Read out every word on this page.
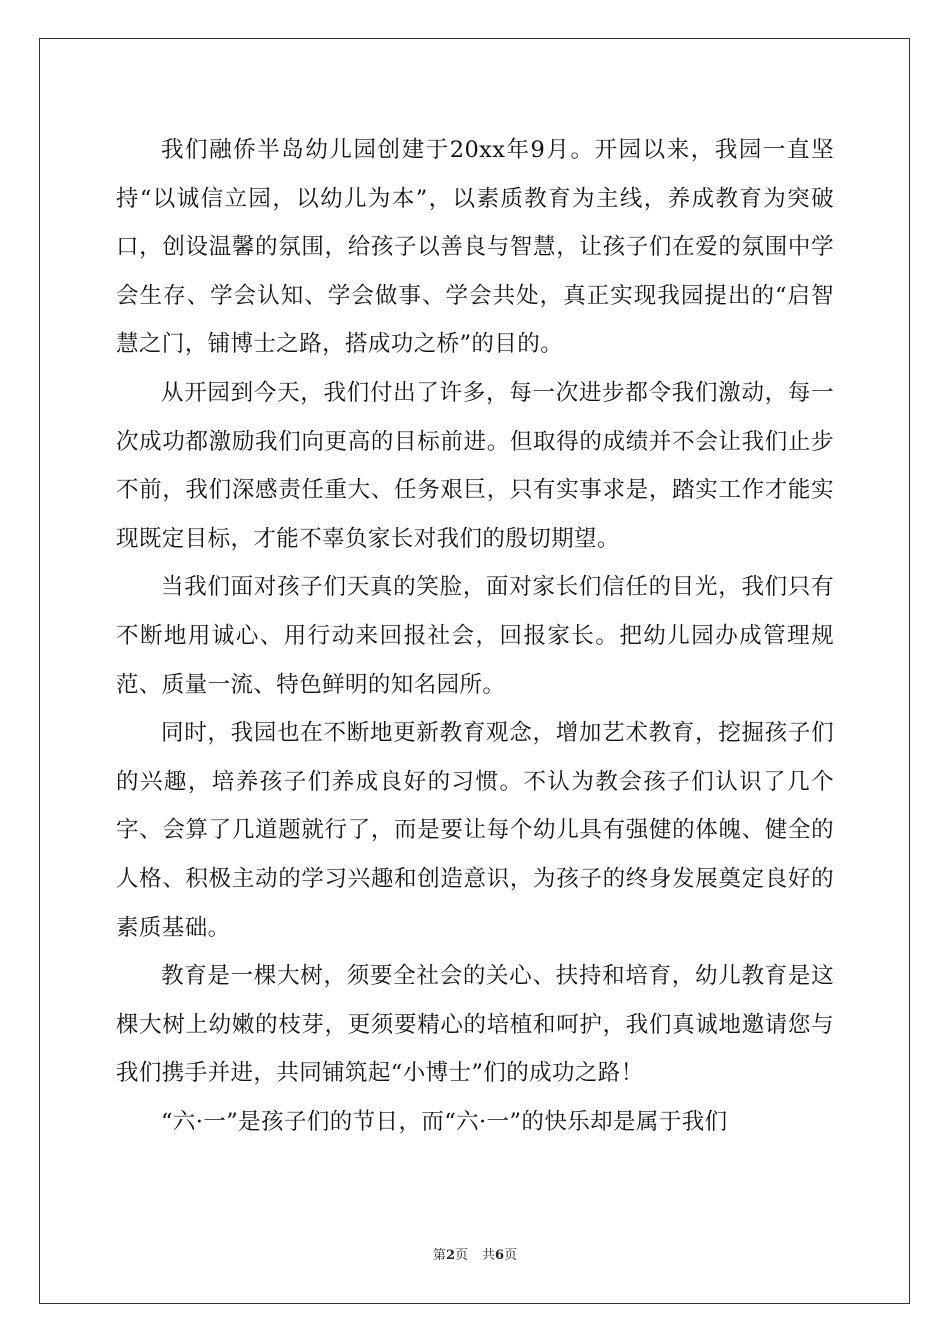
我们融侨半岛幼儿园创建于20xx年9月。开园以来，我园一直坚持“以诚信立园，以幼儿为本”，以素质教育为主线，养成教育为突破口，创设温馨的氛围，给孩子以善良与智慧，让孩子们在爱的氛围中学会生存、学会认知、学会做事、学会共处，真正实现我园提出的“启智慧之门，铺博士之路，搭成功之桥”的目的。

从开园到今天，我们付出了许多，每一次进步都令我们激动，每一次成功都激励我们向更高的目标前进。但取得的成绩并不会让我们止步不前，我们深感责任重大、任务艰巨，只有实事求是，踏实工作才能实现既定目标，才能不辜负家长对我们的殷切期望。

当我们面对孩子们天真的笑脸，面对家长们信任的目光，我们只有不断地用诚心、用行动来回报社会，回报家长。把幼儿园办成管理规范、质量一流、特色鲜明的知名园所。

同时，我园也在不断地更新教育观念，增加艺术教育，挖掘孩子们的兴趣，培养孩子们养成良好的习惯。不认为教会孩子们认识了几个字、会算了几道题就行了，而是要让每个幼儿具有强健的体魄、健全的人格、积极主动的学习兴趣和创造意识，为孩子的终身发展奠定良好的素质基础。

教育是一棵大树，须要全社会的关心、扶持和培育，幼儿教育是这棵大树上幼嫩的枝芽，更须要精心的培植和呵护，我们真诚地邀请您与我们携手并进，共同铺筑起“小博士”们的成功之路！

“六·一”是孩子们的节日，而“六·一”的快乐却是属于我们

第2页 共6页
